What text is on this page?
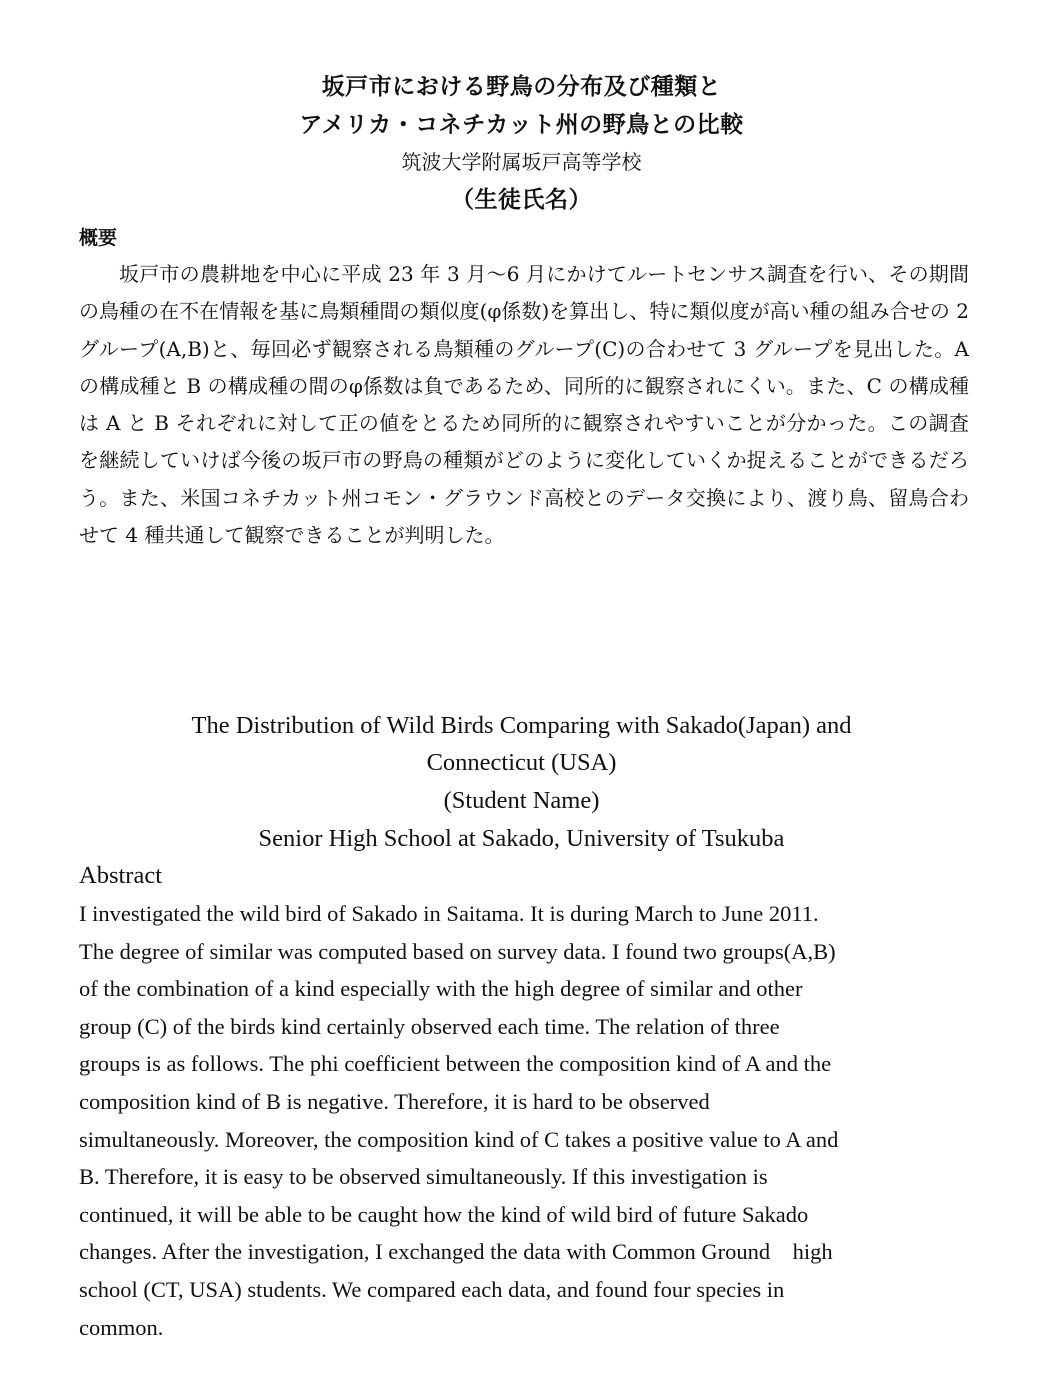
坂戸市における野鳥の分布及び種類と
アメリカ・コネチカット州の野鳥との比較
筑波大学附属坂戸高等学校
（生徒氏名）
概要

坂戸市の農耕地を中心に平成 23 年 3 月～6 月にかけてルートセンサス調査を行い、その期間の鳥種の在不在情報を基に鳥類種間の類似度(φ係数)を算出し、特に類似度が高い種の組み合せの 2 グループ(A,B)と、毎回必ず観察される鳥類種のグループ(C)の合わせて 3 グループを見出した。A の構成種と B の構成種の間のφ係数は負であるため、同所的に観察されにくい。また、C の構成種は A と B それぞれに対して正の値をとるため同所的に観察されやすいことが分かった。この調査を継続していけば今後の坂戸市の野鳥の種類がどのように変化していくか捉えることができるだろう。また、米国コネチカット州コモン・グラウンド高校とのデータ交換により、渡り鳥、留鳥合わせて 4 種共通して観察できることが判明した。

The Distribution of Wild Birds Comparing with Sakado(Japan) and
Connecticut (USA)
(Student Name)
Senior High School at Sakado, University of Tsukuba
Abstract
I investigated the wild bird of Sakado in Saitama. It is during March to June 2011.
The degree of similar was computed based on survey data. I found two groups(A,B)
of the combination of a kind especially with the high degree of similar and other
group (C) of the birds kind certainly observed each time. The relation of three
groups is as follows. The phi coefficient between the composition kind of A and the
composition kind of B is negative. Therefore, it is hard to be observed
simultaneously. Moreover, the composition kind of C takes a positive value to A and
B. Therefore, it is easy to be observed simultaneously. If this investigation is
continued, it will be able to be caught how the kind of wild bird of future Sakado
changes. After the investigation, I exchanged the data with Common Ground　high
school (CT, USA) students. We compared each data, and found four species in
common.
